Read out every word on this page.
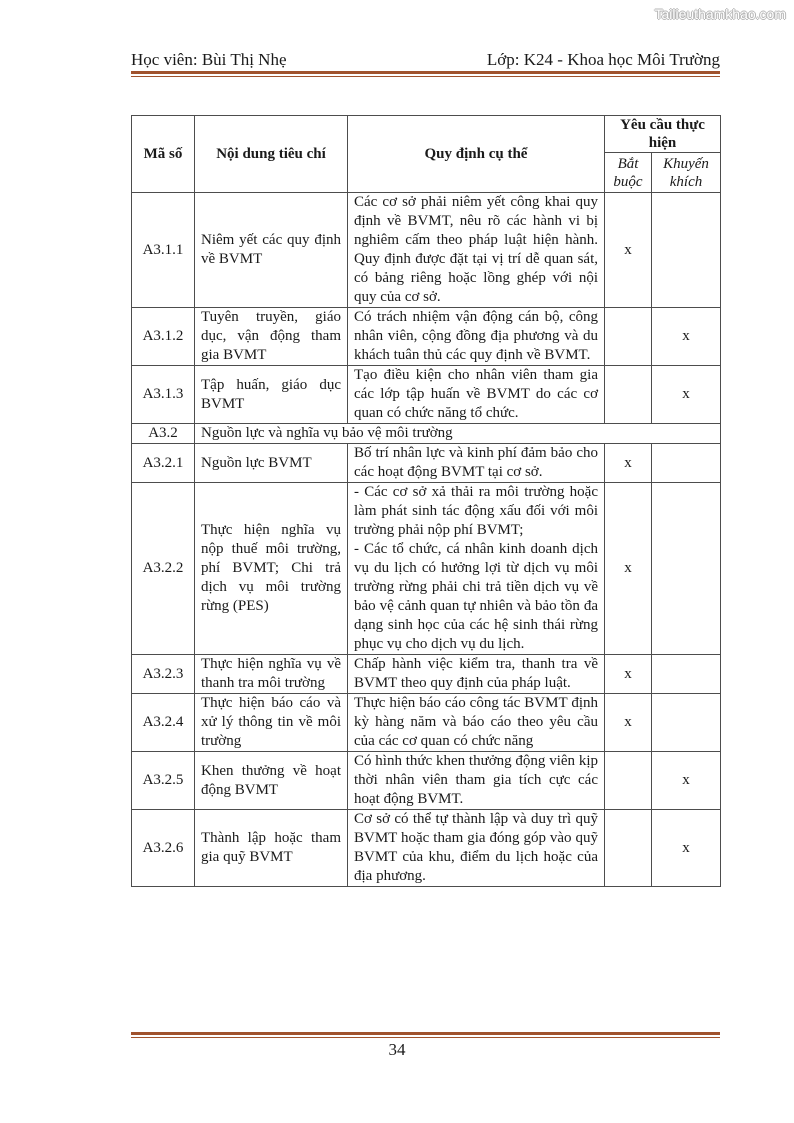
Tailieuthamkhao.com
Học viên: Bùi Thị Nhẹ	Lớp: K24 - Khoa học Môi Trường
Mã số	Nội dung tiêu chí	Quy định cụ thể	Yêu cầu thực hiện	
			Bắt buộc	Khuyến khích
A3.1.1	Niêm yết các quy định về BVMT	Các cơ sở phải niêm yết công khai quy định về BVMT, nêu rõ các hành vi bị nghiêm cấm theo pháp luật hiện hành. Quy định được đặt tại vị trí dễ quan sát, có bảng riêng hoặc lồng ghép với nội quy của cơ sở.	x	
A3.1.2	Tuyên truyền, giáo dục, vận động tham gia BVMT	Có trách nhiệm vận động cán bộ, công nhân viên, cộng đồng địa phương và du khách tuân thủ các quy định về BVMT.		x
A3.1.3	Tập huấn, giáo dục BVMT	Tạo điều kiện cho nhân viên tham gia các lớp tập huấn về BVMT do các cơ quan có chức năng tổ chức.		x
A3.2	Nguồn lực và nghĩa vụ bảo vệ môi trường			
A3.2.1	Nguồn lực BVMT	Bố trí nhân lực và kinh phí đảm bảo cho các hoạt động BVMT tại cơ sở.	x	
A3.2.2	Thực hiện nghĩa vụ nộp thuế môi trường, phí BVMT; Chi trả dịch vụ môi trường rừng (PES)	- Các cơ sở xả thải ra môi trường hoặc làm phát sinh tác động xấu đối với môi trường phải nộp phí BVMT;
- Các tổ chức, cá nhân kinh doanh dịch vụ du lịch có hưởng lợi từ dịch vụ môi trường rừng phải chi trả tiền dịch vụ về bảo vệ cảnh quan tự nhiên và bảo tồn đa dạng sinh học của các hệ sinh thái rừng phục vụ cho dịch vụ du lịch.	x	
A3.2.3	Thực hiện nghĩa vụ về thanh tra môi trường	Chấp hành việc kiểm tra, thanh tra về BVMT theo quy định của pháp luật.	x	
A3.2.4	Thực hiện báo cáo và xử lý thông tin về môi trường	Thực hiện báo cáo công tác BVMT định kỳ hàng năm và báo cáo theo yêu cầu của các cơ quan có chức năng	x	
A3.2.5	Khen thưởng về hoạt động BVMT	Có hình thức khen thưởng động viên kịp thời nhân viên tham gia tích cực các hoạt động BVMT.		x
A3.2.6	Thành lập hoặc tham gia quỹ BVMT	Cơ sở có thể tự thành lập và duy trì quỹ BVMT hoặc tham gia đóng góp vào quỹ BVMT của khu, điểm du lịch hoặc của địa phương.		x
34
